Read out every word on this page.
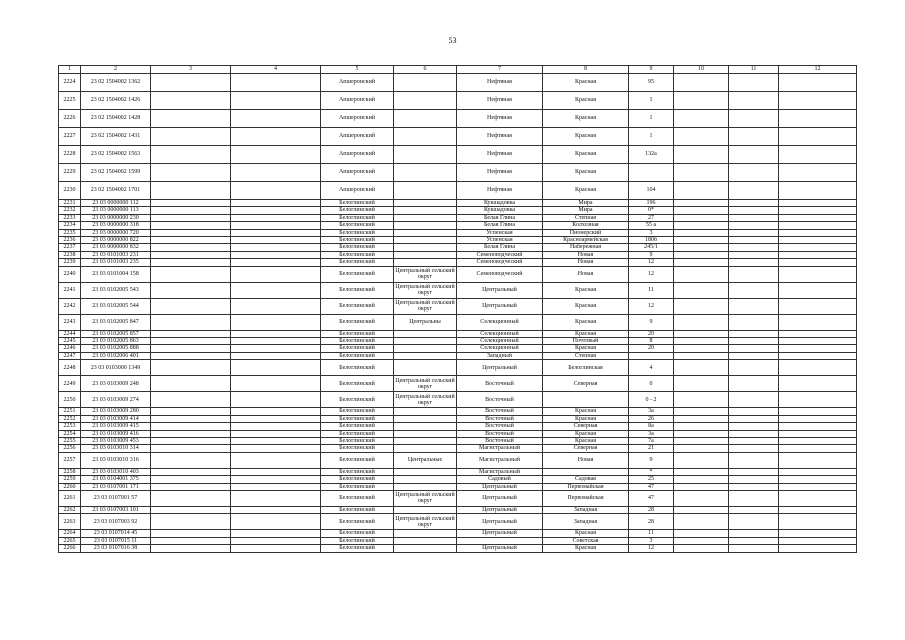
53
1	2	3	4	5	6	7	8	9	10	11	12
2224	23 02 1504002 1362			Апшеронский		Нефтяная	Красная	95			
2225	23 02 1504002 1426			Апшеронский		Нефтяная	Красная	1			
2226	23 02 1504002 1428			Апшеронский		Нефтяная	Красная	1			
2227	23 02 1504002 1431			Апшеронский		Нефтяная	Красная	1			
2228	23 02 1504002 1563			Апшеронский		Нефтяная	Красная	132а			
2229	23 02 1504002 1599			Апшеронский		Нефтяная	Красная				
2230	23 02 1504002 1701			Апшеронский		Нефтяная	Красная	104			
2231	23 03 0000000 112			Белоглинский		Кукшадовка	Мира	196			
2232	23 03 0000000 113			Белоглинский		Кукшадовка	Мира	0*			
2233	23 03 0000000 230			Белоглинский		Белая Глина	Степная	27			
2234	23 03 0000000 318			Белоглинский		Белая Глина	Колхозная	55 а			
2235	23 03 0000000 720			Белоглинский		Успенская	Пионерский	3			
2236	23 03 0000000 822			Белоглинский		Успенская	Красноармейская	180б			
2237	23 03 0000000 832			Белоглинский		Белая Глина	Набережная	245/1			
2238	23 03 0101003 231			Белоглинский		Семеноводческий	Новая	9			
2239	23 03 0101003 235			Белоглинский		Семеноводческий	Новая	12			
2240	23 03 0101004 158			Белоглинский	Центральный сельский округ	Семеноводческий	Новая	12			
2241	23 03 0102005 543			Белоглинский	Центральный сельский округ	Центральный	Красная	11			
2242	23 03 0102005 544			Белоглинский	Центральный сельский округ	Центральный	Красная	12			
2243	23 03 0102005 847			Белоглинский	Центральны	Селекционный	Красная	9			
2244	23 03 0102005 857			Белоглинский		Селекционный	Красная	20			
2245	23 03 0102005 863			Белоглинский		Селекционный	Почтовый	8			
2246	23 03 0102005 888			Белоглинский		Селекционный	Красная	20			
2247	23 03 0102006 401			Белоглинский		Западный	Степная				
2248	23 03 0103000 1349			Белоглинский		Центральный	Белоглинская	4			
2249	23 03 0103009 248			Белоглинский	Центральный сельский округ	Восточный	Северная	0			
2250	23 03 0103009 274			Белоглинский	Центральный сельский округ	Восточный		0 - 2			
2251	23 03 0103009 280			Белоглинский		Восточный	Красная	3а			
2252	23 03 0103009 414			Белоглинский		Восточный	Красная	26			
2253	23 03 0103009 415			Белоглинский		Восточный	Северная	8а			
2254	23 03 0103009 416			Белоглинский		Восточный	Красная	3а			
2255	23 03 0103009 453			Белоглинский		Восточный	Красная	7а			
2256	23 03 0103010 314			Белоглинский		Магистральный	Северная	21			
2257	23 03 0103010 316			Белоглинский	Центральные	Магистральный	Новая	9			
2258	23 03 0103010 403			Белоглинский		Магистральный		*			
2259	23 03 0104001 375			Белоглинский		Садовый	Садовая	25			
2260	23 03 0107001 171			Белоглинский		Центральный	Первомайская	47			
2261	23 03 0107001 57			Белоглинский	Центральный сельский округ	Центральный	Первомайская	47			
2262	23 03 0107003 101			Белоглинский		Центральный	Западная	28			
2263	23 03 0107003 92			Белоглинский	Центральный сельский округ	Центральный	Западная	28			
2264	23 03 0107014 45			Белоглинский		Центральный	Красная	11			
2265	23 03 0107015 11			Белоглинский			Советская	3			
2266	23 03 0107016 38			Белоглинский		Центральный	Красная	12			
